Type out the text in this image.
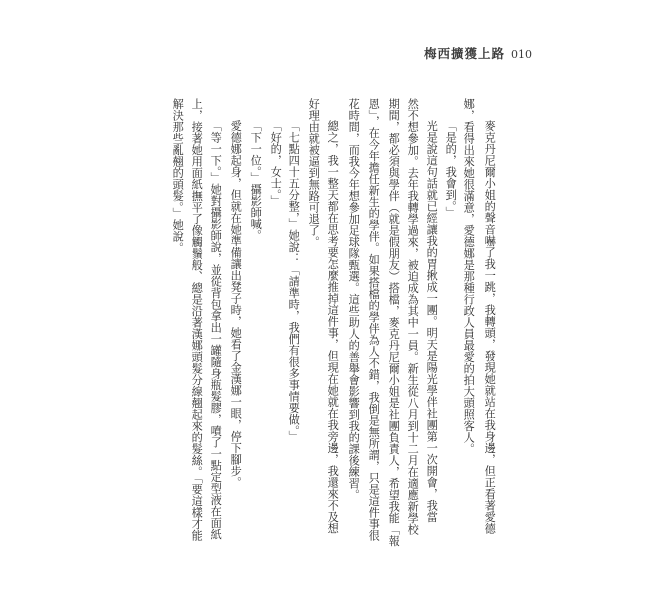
梅西擴獲上路 010
麥克丹尼爾小姐的聲音嚇了我一跳，我轉頭，發現她就站在我身邊，但正看著愛德
娜，看得出來她很滿意，愛德娜是那種行政人員最愛的拍大頭照客人。
「是的，我會到。」
光是說這句話就已經讓我的胃揪成一團。明天是陽光學伴社團第一次開會，我當
然不想參加。去年我轉學過來，被迫成為其中一員。新生從八月到十二月在適應新學校
期間，都必須與學伴（就是假朋友）搭檔，麥克丹尼爾小姐是社團負責人，希望我能「報
恩」，在今年擔任新生的學伴。如果搭檔的學伴為人不錯，我倒是無所謂，只是這件事很
花時間，而我今年想參加足球隊甄選。這些助人的善舉會影響到我的課後練習。
總之，我一整天都在思考要怎麼推掉這件事，但現在她就在我旁邊，我還來不及想
好理由就被逼到無路可退了。
「七點四十五分整，」她說：「請準時，我們有很多事情要做。」
「好的，女士。」
「下一位。」攝影師喊。
愛德娜起身，但就在她準備讓出凳子時，她看了金漢娜一眼，停下腳步。
「等一下。」她對攝影師說，並從背包拿出一罐隨身瓶髮膠，噴了一點定型液在面紙
上，接著她用面紙撫平了像觸鬚般、總是沿著漢娜頭髮分線翹起來的髮絲。「要這樣才能
解決那些亂翹的頭髮。」她說。
